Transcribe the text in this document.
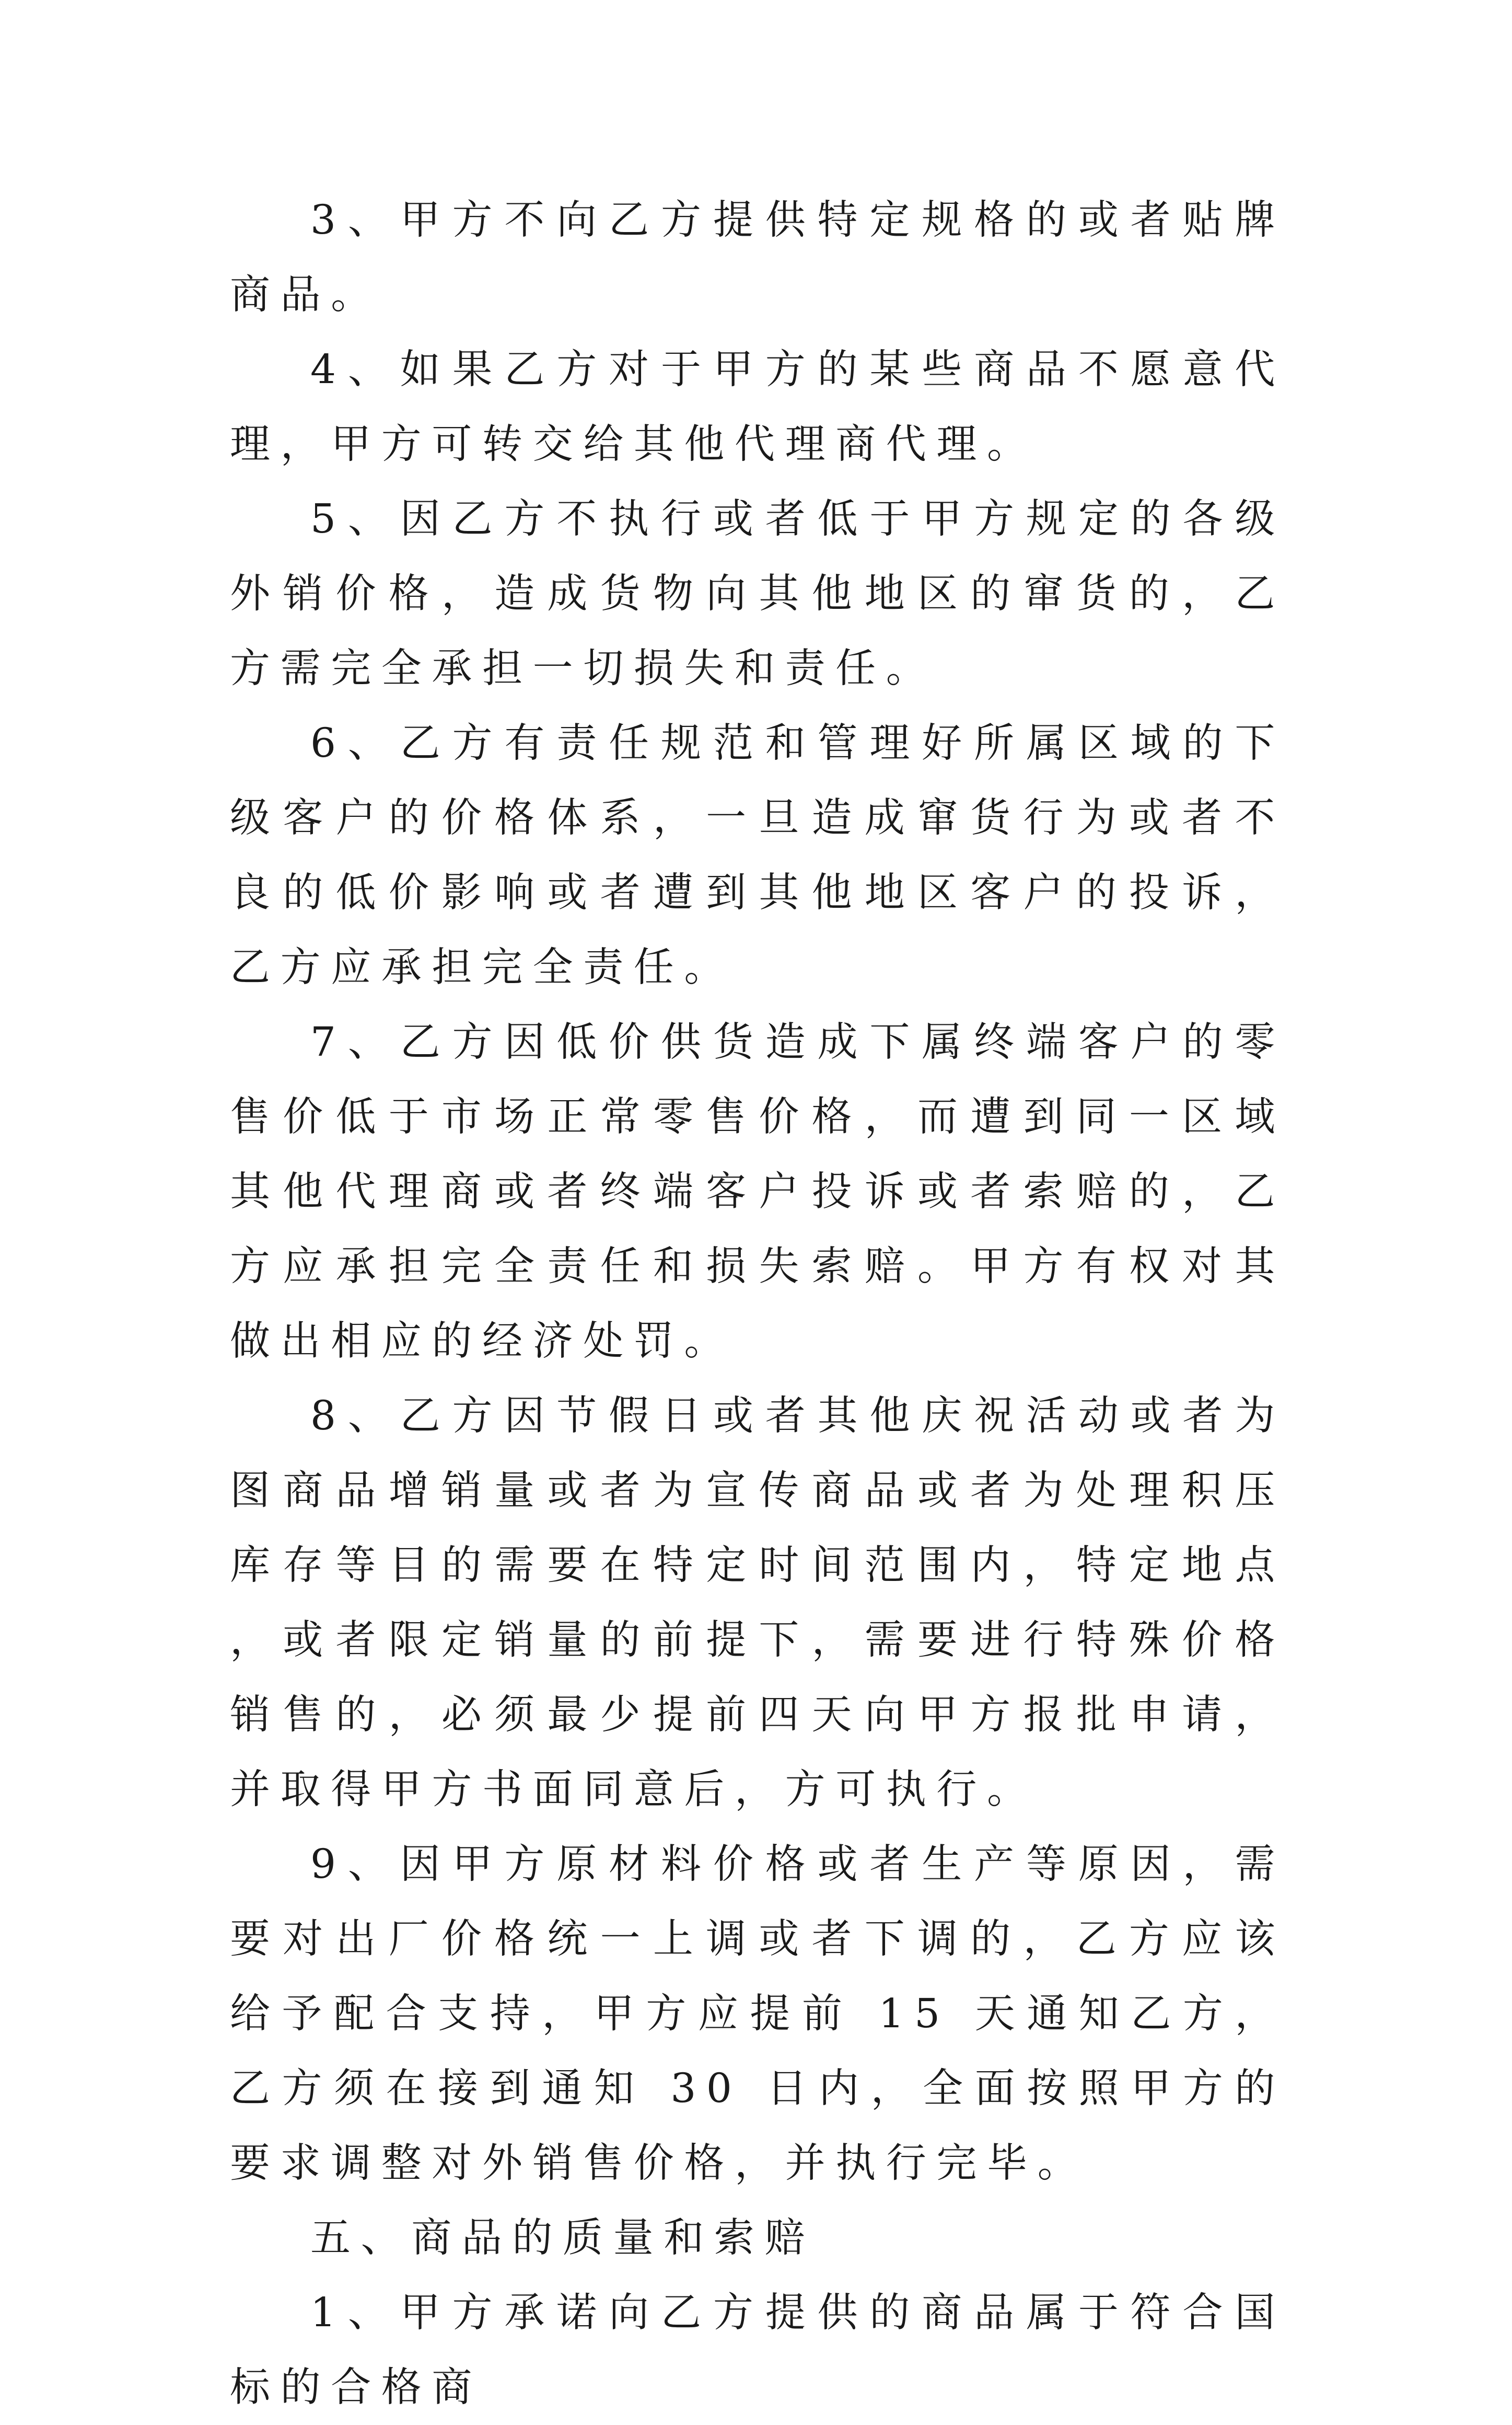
3、甲方不向乙方提供特定规格的或者贴牌商品。

4、如果乙方对于甲方的某些商品不愿意代理，甲方可转交给其他代理商代理。

5、因乙方不执行或者低于甲方规定的各级外销价格，造成货物向其他地区的窜货的，乙方需完全承担一切损失和责任。

6、乙方有责任规范和管理好所属区域的下级客户的价格体系，一旦造成窜货行为或者不良的低价影响或者遭到其他地区客户的投诉，乙方应承担完全责任。

7、乙方因低价供货造成下属终端客户的零售价低于市场正常零售价格，而遭到同一区域其他代理商或者终端客户投诉或者索赔的，乙方应承担完全责任和损失索赔。甲方有权对其做出相应的经济处罚。

8、乙方因节假日或者其他庆祝活动或者为图商品增销量或者为宣传商品或者为处理积压库存等目的需要在特定时间范围内，特定地点，或者限定销量的前提下，需要进行特殊价格销售的，必须最少提前四天向甲方报批申请，并取得甲方书面同意后，方可执行。

9、因甲方原材料价格或者生产等原因，需要对出厂价格统一上调或者下调的，乙方应该给予配合支持，甲方应提前 15 天通知乙方，乙方须在接到通知 30 日内，全面按照甲方的要求调整对外销售价格，并执行完毕。

五、商品的质量和索赔

1、甲方承诺向乙方提供的商品属于符合国标的合格商
